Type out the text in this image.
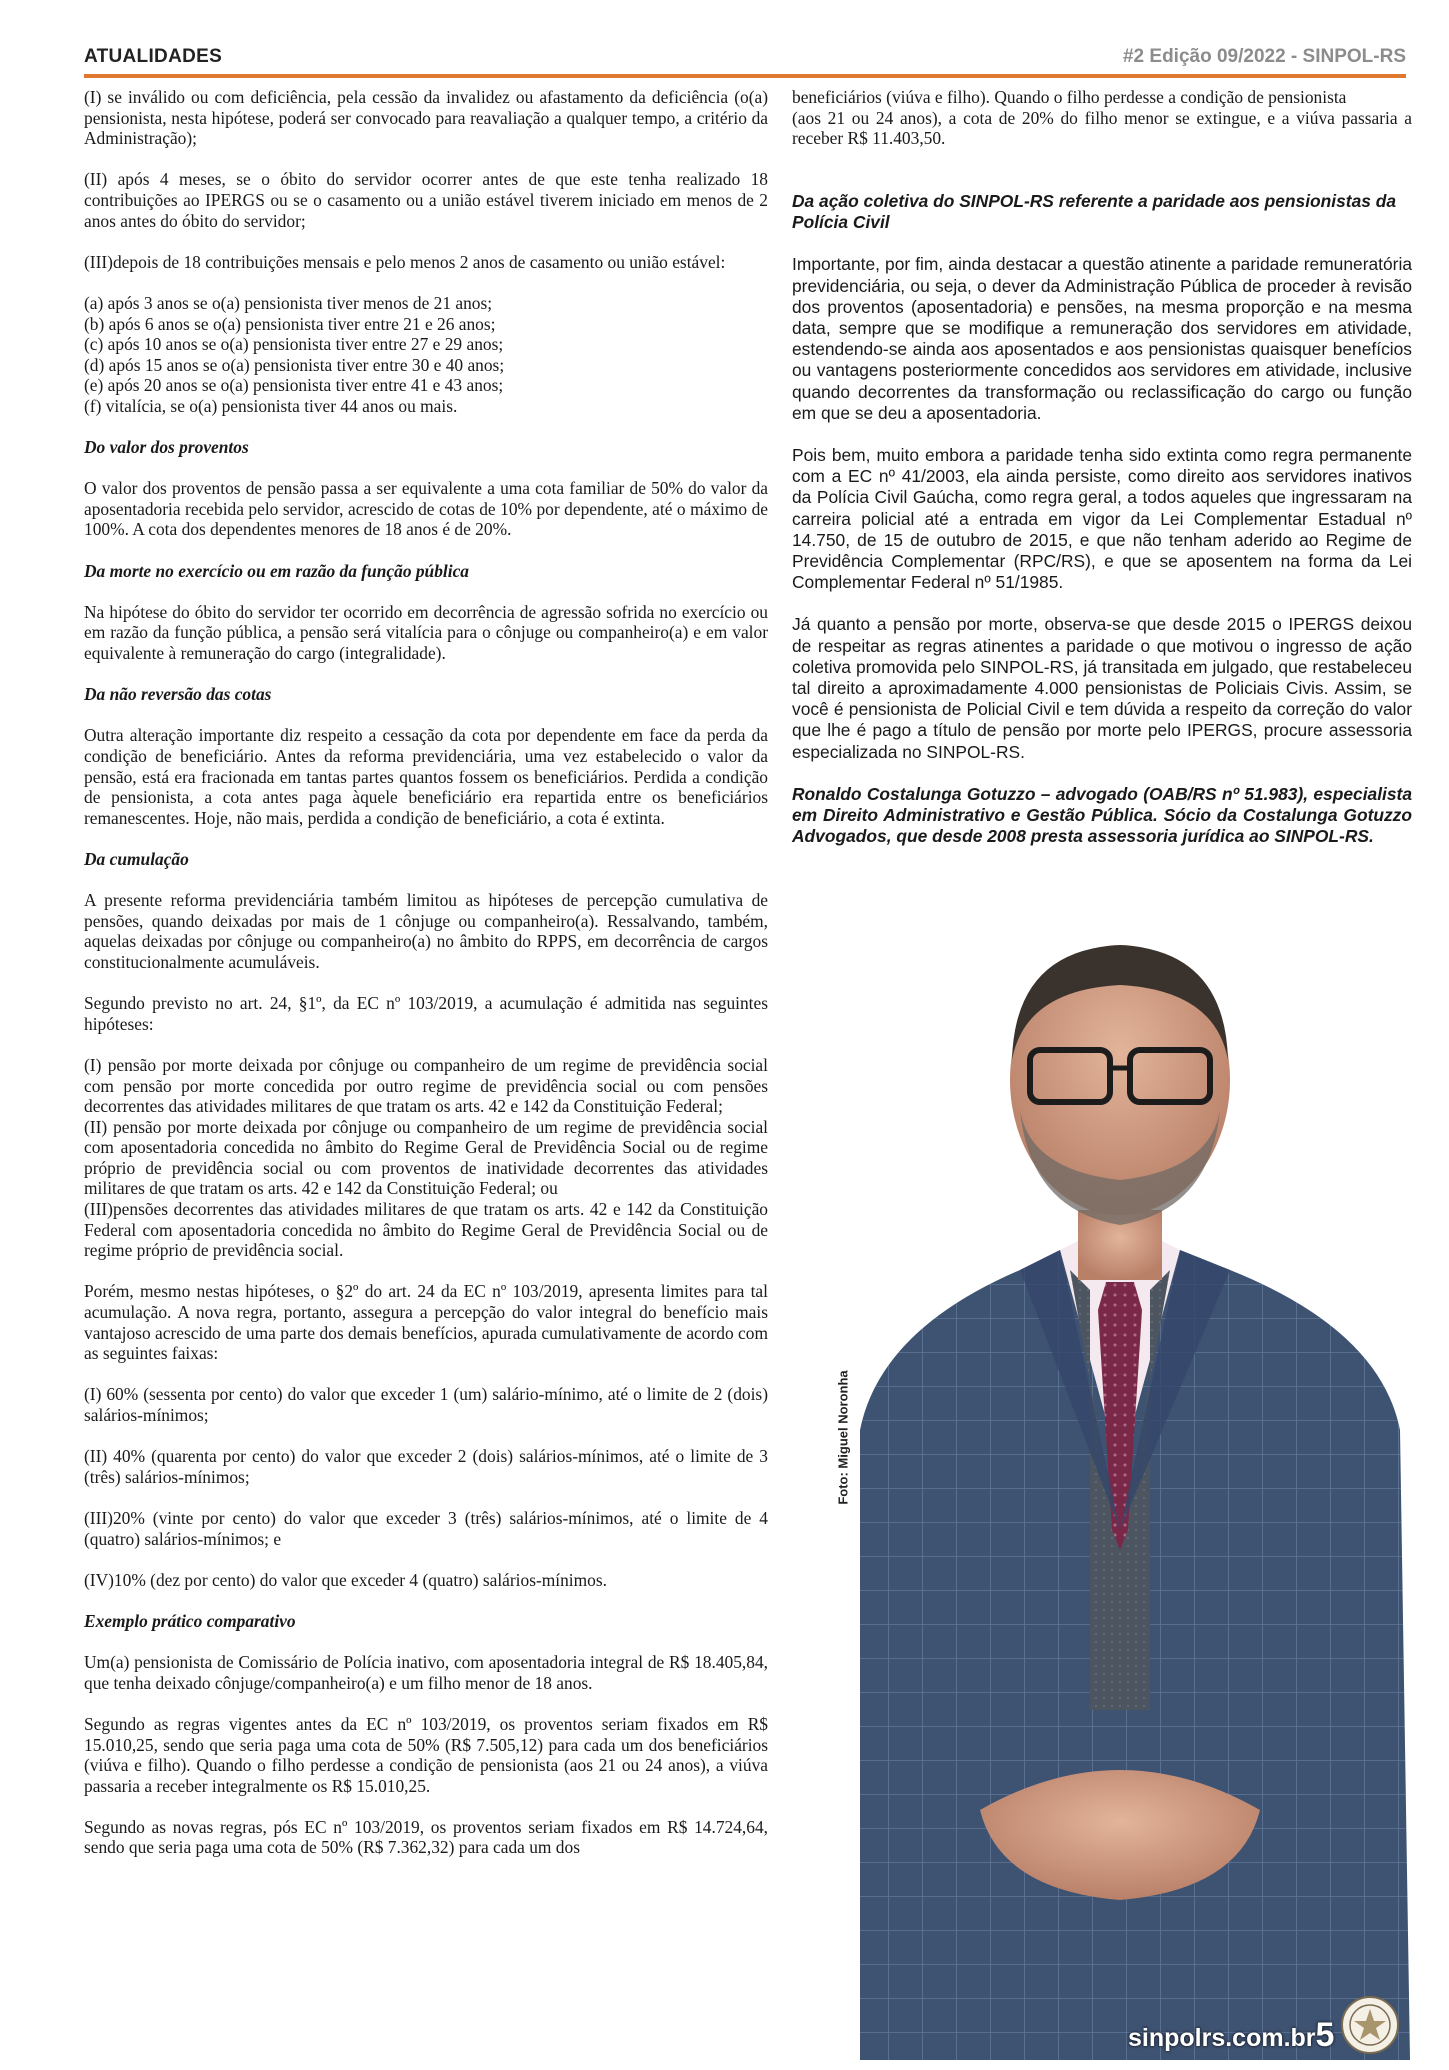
ATUALIDADES	#2 Edição 09/2022 - SINPOL-RS

(I) se inválido ou com deficiência, pela cessão da invalidez ou afastamento da deficiência (o(a) pensionista, nesta hipótese, poderá ser convocado para reavaliação a qualquer tempo, a critério da Administração);

(II) após 4 meses, se o óbito do servidor ocorrer antes de que este tenha realizado 18 contribuições ao IPERGS ou se o casamento ou a união estável tiverem iniciado em menos de 2 anos antes do óbito do servidor;

(III)depois de 18 contribuições mensais e pelo menos 2 anos de casamento ou união estável:

(a) após 3 anos se o(a) pensionista tiver menos de 21 anos;
(b) após 6 anos se o(a) pensionista tiver entre 21 e 26 anos;
(c) após 10 anos se o(a) pensionista tiver entre 27 e 29 anos;
(d) após 15 anos se o(a) pensionista tiver entre 30 e 40 anos;
(e) após 20 anos se o(a) pensionista tiver entre 41 e 43 anos;
(f) vitalícia, se o(a) pensionista tiver 44 anos ou mais.
Do valor dos proventos

O valor dos proventos de pensão passa a ser equivalente a uma cota familiar de 50% do valor da aposentadoria recebida pelo servidor, acrescido de cotas de 10% por dependente, até o máximo de 100%. A cota dos dependentes menores de 18 anos é de 20%.

Da morte no exercício ou em razão da função pública

Na hipótese do óbito do servidor ter ocorrido em decorrência de agressão sofrida no exercício ou em razão da função pública, a pensão será vitalícia para o cônjuge ou companheiro(a) e em valor equivalente à remuneração do cargo (integralidade).

Da não reversão das cotas

Outra alteração importante diz respeito a cessação da cota por dependente em face da perda da condição de beneficiário. Antes da reforma previdenciária, uma vez estabelecido o valor da pensão, está era fracionada em tantas partes quantos fossem os beneficiários. Perdida a condição de pensionista, a cota antes paga àquele beneficiário era repartida entre os beneficiários remanescentes. Hoje, não mais, perdida a condição de beneficiário, a cota é extinta.

Da cumulação

A presente reforma previdenciária também limitou as hipóteses de percepção cumulativa de pensões, quando deixadas por mais de 1 cônjuge ou companheiro(a). Ressalvando, também, aquelas deixadas por cônjuge ou companheiro(a) no âmbito do RPPS, em decorrência de cargos constitucionalmente acumuláveis.

Segundo previsto no art. 24, §1º, da EC nº 103/2019, a acumulação é admitida nas seguintes hipóteses:

(I) pensão por morte deixada por cônjuge ou companheiro de um regime de previdência social com pensão por morte concedida por outro regime de previdência social ou com pensões decorrentes das atividades militares de que tratam os arts. 42 e 142 da Constituição Federal;

(II) pensão por morte deixada por cônjuge ou companheiro de um regime de previdência social com aposentadoria concedida no âmbito do Regime Geral de Previdência Social ou de regime próprio de previdência social ou com proventos de inatividade decorrentes das atividades militares de que tratam os arts. 42 e 142 da Constituição Federal; ou

(III)pensões decorrentes das atividades militares de que tratam os arts. 42 e 142 da Constituição Federal com aposentadoria concedida no âmbito do Regime Geral de Previdência Social ou de regime próprio de previdência social.

Porém, mesmo nestas hipóteses, o §2º do art. 24 da EC nº 103/2019, apresenta limites para tal acumulação. A nova regra, portanto, assegura a percepção do valor integral do benefício mais vantajoso acrescido de uma parte dos demais benefícios, apurada cumulativamente de acordo com as seguintes faixas:

(I) 60% (sessenta por cento) do valor que exceder 1 (um) salário-mínimo, até o limite de 2 (dois) salários-mínimos;

(II) 40% (quarenta por cento) do valor que exceder 2 (dois) salários-mínimos, até o limite de 3 (três) salários-mínimos;

(III)20% (vinte por cento) do valor que exceder 3 (três) salários-mínimos, até o limite de 4 (quatro) salários-mínimos; e

(IV)10% (dez por cento) do valor que exceder 4 (quatro) salários-mínimos.

Exemplo prático comparativo

Um(a) pensionista de Comissário de Polícia inativo, com aposentadoria integral de R$ 18.405,84, que tenha deixado cônjuge/companheiro(a) e um filho menor de 18 anos.

Segundo as regras vigentes antes da EC nº 103/2019, os proventos seriam fixados em R$ 15.010,25, sendo que seria paga uma cota de 50% (R$ 7.505,12) para cada um dos beneficiários (viúva e filho). Quando o filho perdesse a condição de pensionista (aos 21 ou 24 anos), a viúva passaria a receber integralmente os R$ 15.010,25.

Segundo as novas regras, pós EC nº 103/2019, os proventos seriam fixados em R$ 14.724,64, sendo que seria paga uma cota de 50% (R$ 7.362,32) para cada um dos

beneficiários (viúva e filho). Quando o filho perdesse a condição de pensionista
(aos 21 ou 24 anos), a cota de 20% do filho menor se extingue, e a viúva passaria a receber R$ 11.403,50.
Da ação coletiva do SINPOL-RS referente a paridade aos pensionistas da Polícia Civil

Importante, por fim, ainda destacar a questão atinente a paridade remuneratória previdenciária, ou seja, o dever da Administração Pública de proceder à revisão dos proventos (aposentadoria) e pensões, na mesma proporção e na mesma data, sempre que se modifique a remuneração dos servidores em atividade, estendendo-se ainda aos aposentados e aos pensionistas quaisquer benefícios ou vantagens posteriormente concedidos aos servidores em atividade, inclusive quando decorrentes da transformação ou reclassificação do cargo ou função em que se deu a aposentadoria.

Pois bem, muito embora a paridade tenha sido extinta como regra permanente com a EC nº 41/2003, ela ainda persiste, como direito aos servidores inativos da Polícia Civil Gaúcha, como regra geral, a todos aqueles que ingressaram na carreira policial até a entrada em vigor da Lei Complementar Estadual nº 14.750, de 15 de outubro de 2015, e que não tenham aderido ao Regime de Previdência Complementar (RPC/RS), e que se aposentem na forma da Lei Complementar Federal nº 51/1985.

Já quanto a pensão por morte, observa-se que desde 2015 o IPERGS deixou de respeitar as regras atinentes a paridade o que motivou o ingresso de ação coletiva promovida pelo SINPOL-RS, já transitada em julgado, que restabeleceu tal direito a aproximadamente 4.000 pensionistas de Policiais Civis. Assim, se você é pensionista de Policial Civil e tem dúvida a respeito da correção do valor que lhe é pago a título de pensão por morte pelo IPERGS, procure assessoria especializada no SINPOL-RS.

Ronaldo Costalunga Gotuzzo – advogado (OAB/RS nº 51.983), especialista em Direito Administrativo e Gestão Pública. Sócio da Costalunga Gotuzzo Advogados, que desde 2008 presta assessoria jurídica ao SINPOL-RS.

Foto: Miguel Noronha
sinpolrs.com.br5
